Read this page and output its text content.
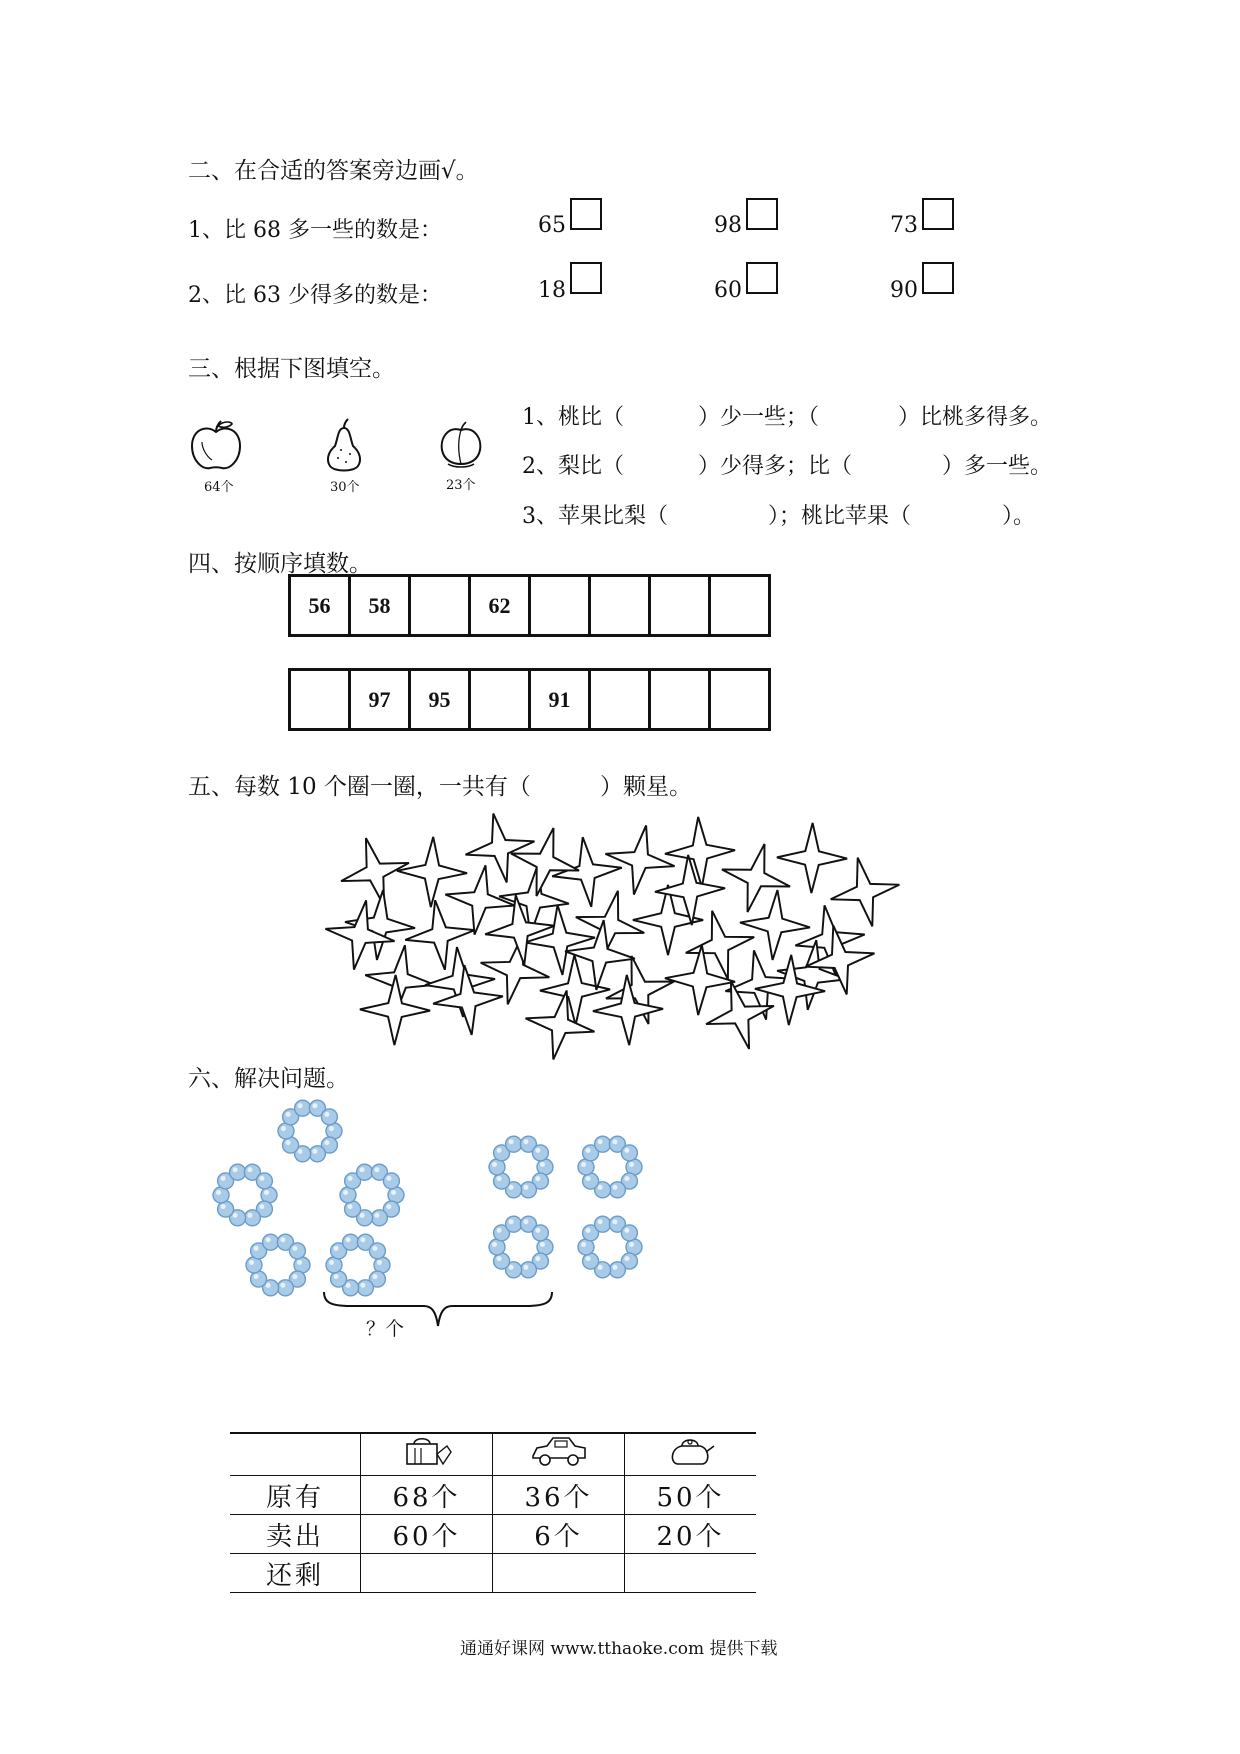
二、在合适的答案旁边画√。
1、比 68 多一些的数是：	65	98	73
2、比 63 少得多的数是：	18	60	90
三、根据下图填空。
64个	30个	23个
1、桃比（	）少一些；（	）比桃多得多。
2、梨比（	）少得多；比（	）多一些。
3、苹果比梨（	）；桃比苹果（	）。
四、按顺序填数。
56	58		62				
	97	95		91			
五、每数 10 个圈一圈，一共有（	）颗星。
六、解决问题。
？个

原有	68个	36个	50个
卖出	60个	6个	20个
还剩			
通通好课网 www.tthaoke.com 提供下载
